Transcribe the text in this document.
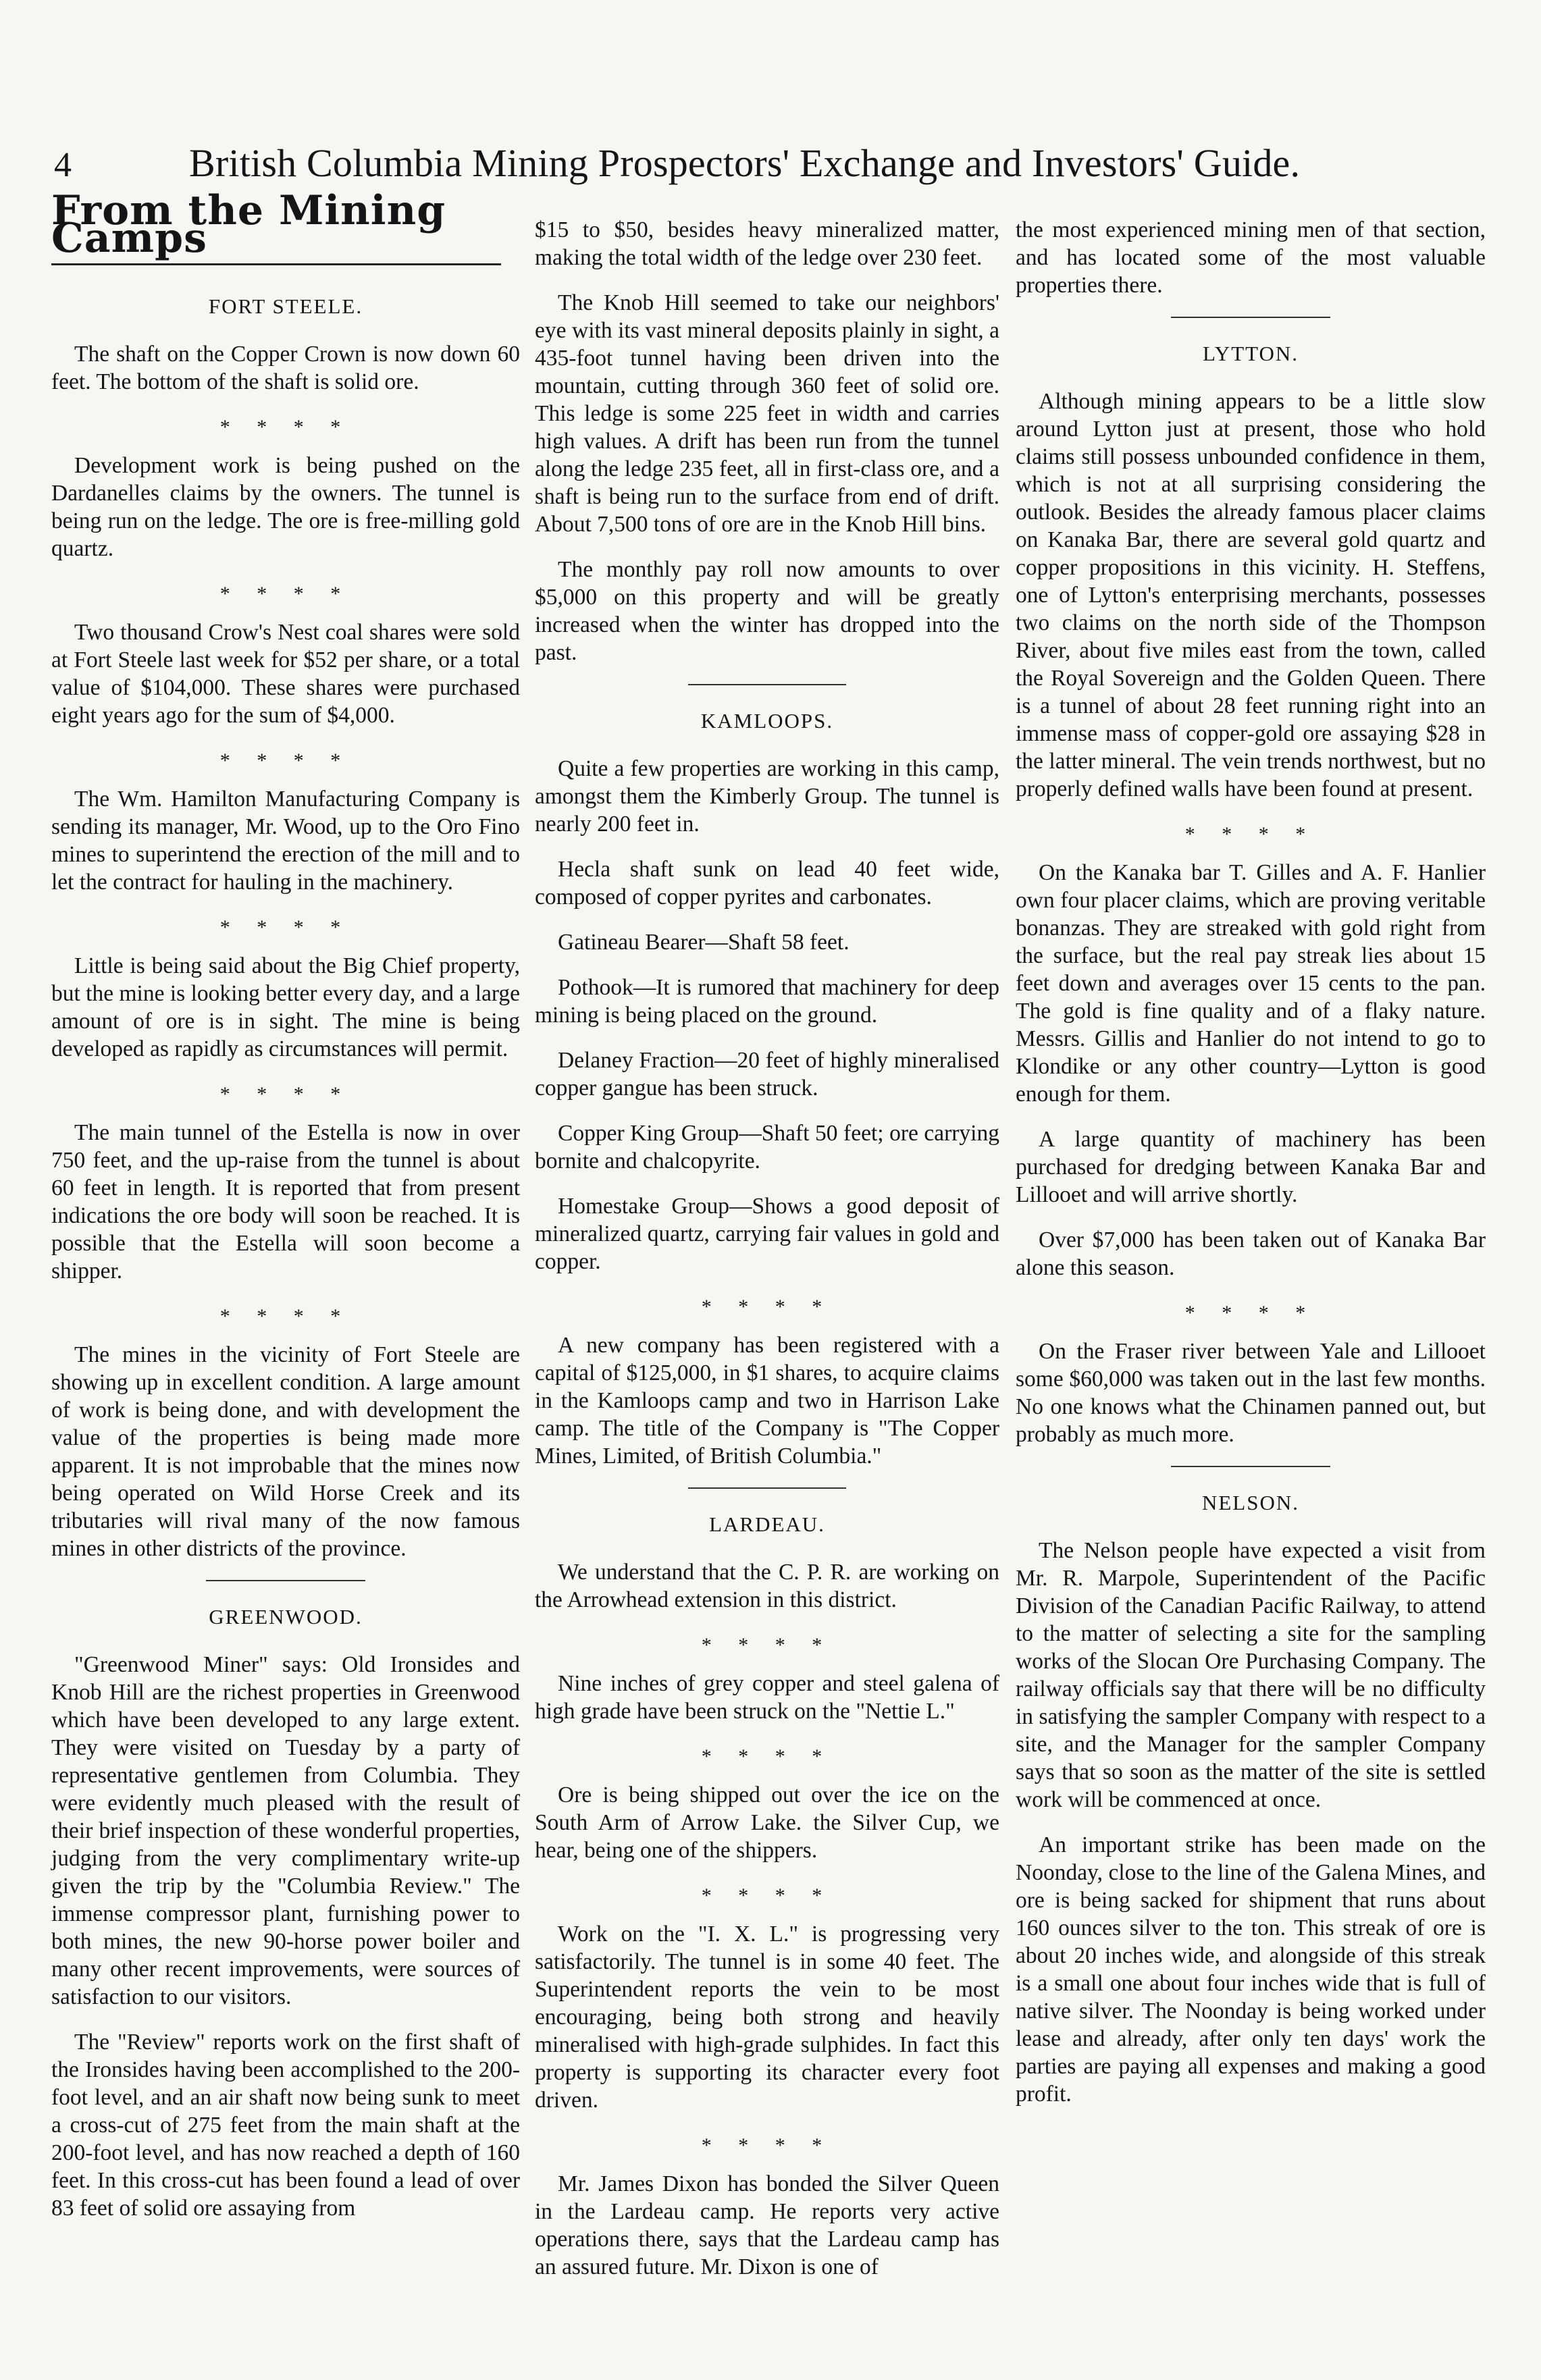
4	British Columbia Mining Prospectors' Exchange and Investors' Guide.
From the Mining Camps
FORT STEELE.

The shaft on the Copper Crown is now down 60 feet. The bottom of the shaft is solid ore.

* * * *

Development work is being pushed on the Dardanelles claims by the owners. The tunnel is being run on the ledge. The ore is free-milling gold quartz.

* * * *

Two thousand Crow's Nest coal shares were sold at Fort Steele last week for $52 per share, or a total value of $104,000. These shares were purchased eight years ago for the sum of $4,000.

* * * *

The Wm. Hamilton Manufacturing Company is sending its manager, Mr. Wood, up to the Oro Fino mines to superintend the erection of the mill and to let the contract for hauling in the machinery.

* * * *

Little is being said about the Big Chief property, but the mine is looking better every day, and a large amount of ore is in sight. The mine is being developed as rapidly as circumstances will permit.

* * * *

The main tunnel of the Estella is now in over 750 feet, and the up-raise from the tunnel is about 60 feet in length. It is reported that from present indications the ore body will soon be reached. It is possible that the Estella will soon become a shipper.

* * * *

The mines in the vicinity of Fort Steele are showing up in excellent condition. A large amount of work is being done, and with development the value of the properties is being made more apparent. It is not improbable that the mines now being operated on Wild Horse Creek and its tributaries will rival many of the now famous mines in other districts of the province.

GREENWOOD.

"Greenwood Miner" says: Old Ironsides and Knob Hill are the richest properties in Greenwood which have been developed to any large extent. They were visited on Tuesday by a party of representative gentlemen from Columbia. They were evidently much pleased with the result of their brief inspection of these wonderful properties, judging from the very complimentary write-up given the trip by the "Columbia Review." The immense compressor plant, furnishing power to both mines, the new 90-horse power boiler and many other recent improvements, were sources of satisfaction to our visitors.

The "Review" reports work on the first shaft of the Ironsides having been accomplished to the 200-foot level, and an air shaft now being sunk to meet a cross-cut of 275 feet from the main shaft at the 200-foot level, and has now reached a depth of 160 feet. In this cross-cut has been found a lead of over 83 feet of solid ore assaying from

$15 to $50, besides heavy mineralized matter, making the total width of the ledge over 230 feet.

The Knob Hill seemed to take our neighbors' eye with its vast mineral deposits plainly in sight, a 435-foot tunnel having been driven into the mountain, cutting through 360 feet of solid ore. This ledge is some 225 feet in width and carries high values. A drift has been run from the tunnel along the ledge 235 feet, all in first-class ore, and a shaft is being run to the surface from end of drift. About 7,500 tons of ore are in the Knob Hill bins.

The monthly pay roll now amounts to over $5,000 on this property and will be greatly increased when the winter has dropped into the past.

KAMLOOPS.

Quite a few properties are working in this camp, amongst them the Kimberly Group. The tunnel is nearly 200 feet in.

Hecla shaft sunk on lead 40 feet wide, composed of copper pyrites and carbonates.

Gatineau Bearer—Shaft 58 feet.

Pothook—It is rumored that machinery for deep mining is being placed on the ground.

Delaney Fraction—20 feet of highly mineralised copper gangue has been struck.

Copper King Group—Shaft 50 feet; ore carrying bornite and chalcopyrite.

Homestake Group—Shows a good deposit of mineralized quartz, carrying fair values in gold and copper.

* * * *

A new company has been registered with a capital of $125,000, in $1 shares, to acquire claims in the Kamloops camp and two in Harrison Lake camp. The title of the Company is "The Copper Mines, Limited, of British Columbia."

LARDEAU.

We understand that the C. P. R. are working on the Arrowhead extension in this district.

* * * *

Nine inches of grey copper and steel galena of high grade have been struck on the "Nettie L."

* * * *

Ore is being shipped out over the ice on the South Arm of Arrow Lake. the Silver Cup, we hear, being one of the shippers.

* * * *

Work on the "I. X. L." is progressing very satisfactorily. The tunnel is in some 40 feet. The Superintendent reports the vein to be most encouraging, being both strong and heavily mineralised with high-grade sulphides. In fact this property is supporting its character every foot driven.

* * * *

Mr. James Dixon has bonded the Silver Queen in the Lardeau camp. He reports very active operations there, says that the Lardeau camp has an assured future. Mr. Dixon is one of

the most experienced mining men of that section, and has located some of the most valuable properties there.

LYTTON.

Although mining appears to be a little slow around Lytton just at present, those who hold claims still possess unbounded confidence in them, which is not at all surprising considering the outlook. Besides the already famous placer claims on Kanaka Bar, there are several gold quartz and copper propositions in this vicinity. H. Steffens, one of Lytton's enterprising merchants, possesses two claims on the north side of the Thompson River, about five miles east from the town, called the Royal Sovereign and the Golden Queen. There is a tunnel of about 28 feet running right into an immense mass of copper-gold ore assaying $28 in the latter mineral. The vein trends northwest, but no properly defined walls have been found at present.

* * * *

On the Kanaka bar T. Gilles and A. F. Hanlier own four placer claims, which are proving veritable bonanzas. They are streaked with gold right from the surface, but the real pay streak lies about 15 feet down and averages over 15 cents to the pan. The gold is fine quality and of a flaky nature. Messrs. Gillis and Hanlier do not intend to go to Klondike or any other country—Lytton is good enough for them.

A large quantity of machinery has been purchased for dredging between Kanaka Bar and Lillooet and will arrive shortly.

Over $7,000 has been taken out of Kanaka Bar alone this season.

* * * *

On the Fraser river between Yale and Lillooet some $60,000 was taken out in the last few months. No one knows what the Chinamen panned out, but probably as much more.

NELSON.

The Nelson people have expected a visit from Mr. R. Marpole, Superintendent of the Pacific Division of the Canadian Pacific Railway, to attend to the matter of selecting a site for the sampling works of the Slocan Ore Purchasing Company. The railway officials say that there will be no difficulty in satisfying the sampler Company with respect to a site, and the Manager for the sampler Company says that so soon as the matter of the site is settled work will be commenced at once.

An important strike has been made on the Noonday, close to the line of the Galena Mines, and ore is being sacked for shipment that runs about 160 ounces silver to the ton. This streak of ore is about 20 inches wide, and alongside of this streak is a small one about four inches wide that is full of native silver. The Noonday is being worked under lease and already, after only ten days' work the parties are paying all expenses and making a good profit.
